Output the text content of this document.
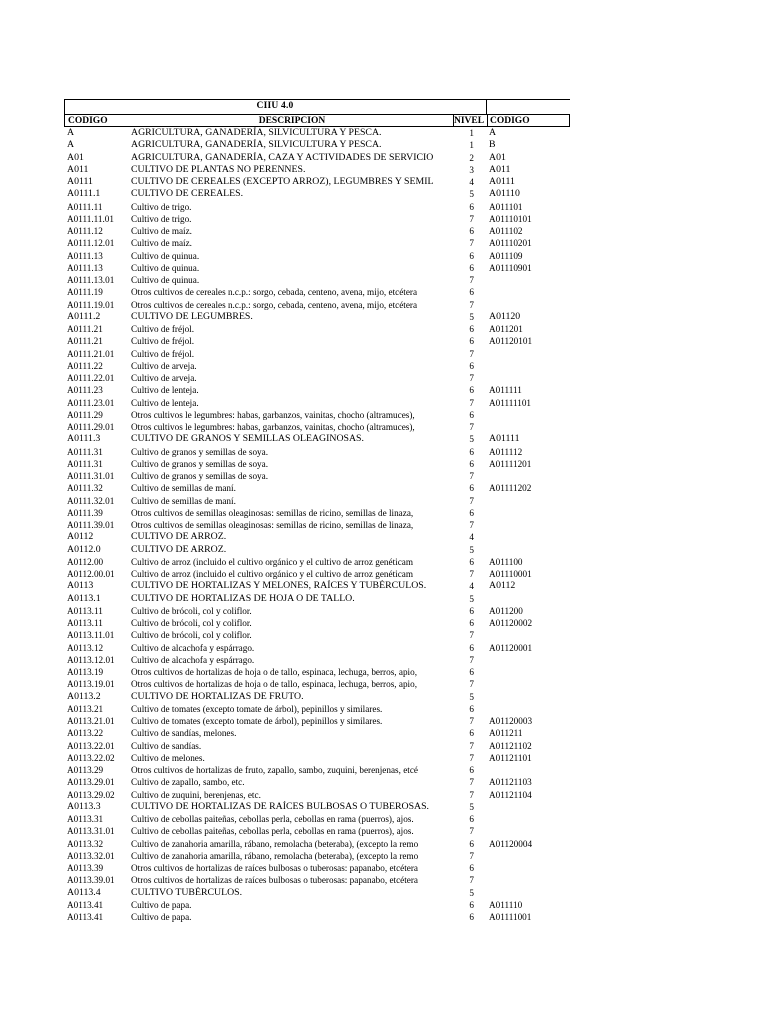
CIIU 4.0
CODIGO	DESCRIPCION	NIVEL CODIGO
A	AGRICULTURA, GANADERÍA, SILVICULTURA Y PESCA.	1 A
A	AGRICULTURA, GANADERÍA, SILVICULTURA Y PESCA.	1 B
A01	AGRICULTURA, GANADERÍA, CAZA Y ACTIVIDADES DE SERVICIO	2 A01
A011	CULTIVO DE PLANTAS NO PERENNES.	3 A011
A0111	CULTIVO DE CEREALES (EXCEPTO ARROZ), LEGUMBRES Y SEMIL	4 A0111
A0111.1	CULTIVO DE CEREALES.	5 A01110
A0111.11	Cultivo de trigo.	6 A011101
A0111.11.01	Cultivo de trigo.	7 A01110101
A0111.12	Cultivo de maíz.	6 A011102
A0111.12.01	Cultivo de maíz.	7 A01110201
A0111.13	Cultivo de quinua.	6 A011109
A0111.13	Cultivo de quinua.	6 A01110901
A0111.13.01	Cultivo de quinua.	7
A0111.19	Otros cultivos de cereales n.c.p.: sorgo, cebada, centeno, avena, mijo, etcétera	6
A0111.19.01	Otros cultivos de cereales n.c.p.: sorgo, cebada, centeno, avena, mijo, etcétera	7
A0111.2	CULTIVO DE LEGUMBRES.	5 A01120
A0111.21	Cultivo de fréjol.	6 A011201
A0111.21	Cultivo de fréjol.	6 A01120101
A0111.21.01	Cultivo de fréjol.	7
A0111.22	Cultivo de arveja.	6
A0111.22.01	Cultivo de arveja.	7
A0111.23	Cultivo de lenteja.	6 A011111
A0111.23.01	Cultivo de lenteja.	7 A01111101
A0111.29	Otros cultivos le legumbres: habas, garbanzos, vainitas, chocho (altramuces),	6
A0111.29.01	Otros cultivos le legumbres: habas, garbanzos, vainitas, chocho (altramuces),	7
A0111.3	CULTIVO DE GRANOS Y SEMILLAS OLEAGINOSAS.	5 A01111
A0111.31	Cultivo de granos y semillas de soya.	6 A011112
A0111.31	Cultivo de granos y semillas de soya.	6 A01111201
A0111.31.01	Cultivo de granos y semillas de soya.	7
A0111.32	Cultivo de semillas de maní.	6 A01111202
A0111.32.01	Cultivo de semillas de maní.	7
A0111.39	Otros cultivos de semillas oleaginosas: semillas de ricino, semillas de linaza,	6
A0111.39.01	Otros cultivos de semillas oleaginosas: semillas de ricino, semillas de linaza,	7
A0112	CULTIVO DE ARROZ.	4
A0112.0	CULTIVO DE ARROZ.	5
A0112.00	Cultivo de arroz (incluido el cultivo orgánico y el cultivo de arroz genéticam	6 A011100
A0112.00.01	Cultivo de arroz (incluido el cultivo orgánico y el cultivo de arroz genéticam	7 A01110001
A0113	CULTIVO DE HORTALIZAS Y MELONES, RAÍCES Y TUBÉRCULOS.	4 A0112
A0113.1	CULTIVO DE HORTALIZAS DE HOJA O DE TALLO.	5
A0113.11	Cultivo de brócoli, col y coliflor.	6 A011200
A0113.11	Cultivo de brócoli, col y coliflor.	6 A01120002
A0113.11.01	Cultivo de brócoli, col y coliflor.	7
A0113.12	Cultivo de alcachofa y espárrago.	6 A01120001
A0113.12.01	Cultivo de alcachofa y espárrago.	7
A0113.19	Otros cultivos de hortalizas de hoja o de tallo, espinaca, lechuga, berros, apio,	6
A0113.19.01	Otros cultivos de hortalizas de hoja o de tallo, espinaca, lechuga, berros, apio,	7
A0113.2	CULTIVO DE HORTALIZAS DE FRUTO.	5
A0113.21	Cultivo de tomates (excepto tomate de árbol), pepinillos y similares.	6
A0113.21.01	Cultivo de tomates (excepto tomate de árbol), pepinillos y similares.	7 A01120003
A0113.22	Cultivo de sandías, melones.	6 A011211
A0113.22.01	Cultivo de sandías.	7 A01121102
A0113.22.02	Cultivo de melones.	7 A01121101
A0113.29	Otros cultivos de hortalizas de fruto, zapallo, sambo, zuquini, berenjenas, etcé	6
A0113.29.01	Cultivo de zapallo, sambo, etc.	7 A01121103
A0113.29.02	Cultivo de zuquini, berenjenas, etc.	7 A01121104
A0113.3	CULTIVO DE HORTALIZAS DE RAÍCES BULBOSAS O TUBEROSAS.	5
A0113.31	Cultivo de cebollas paiteñas, cebollas perla, cebollas en rama (puerros), ajos.	6
A0113.31.01	Cultivo de cebollas paiteñas, cebollas perla, cebollas en rama (puerros), ajos.	7
A0113.32	Cultivo de zanahoria amarilla, rábano, remolacha (beteraba), (excepto la remo	6 A01120004
A0113.32.01	Cultivo de zanahoria amarilla, rábano, remolacha (beteraba), (excepto la remo	7
A0113.39	Otros cultivos de hortalizas de raíces bulbosas o tuberosas: papanabo, etcétera	6
A0113.39.01	Otros cultivos de hortalizas de raíces bulbosas o tuberosas: papanabo, etcétera	7
A0113.4	CULTIVO TUBÉRCULOS.	5
A0113.41	Cultivo de papa.	6 A011110
A0113.41	Cultivo de papa.	6 A01111001
